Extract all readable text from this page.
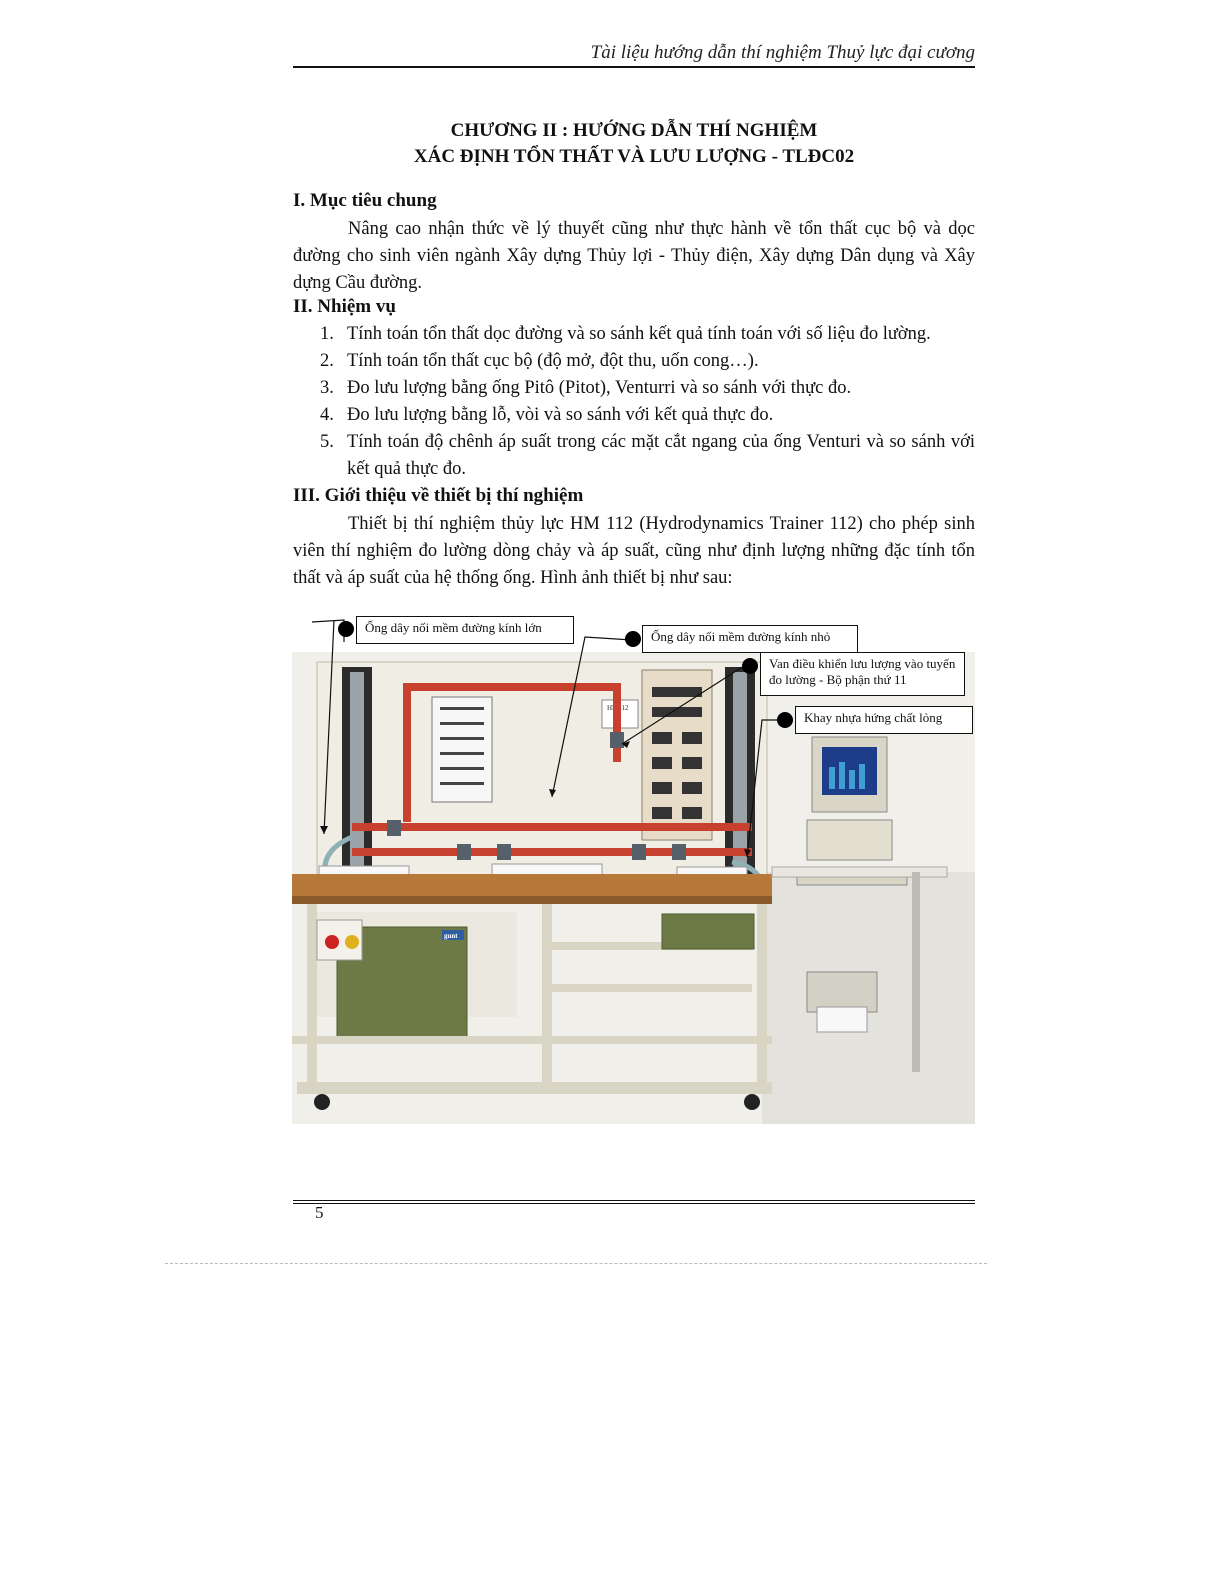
Tài liệu hướng dẫn thí nghiệm Thuỷ lực đại cương
CHƯƠNG II : HƯỚNG DẪN THÍ NGHIỆM
XÁC ĐỊNH TỔN THẤT VÀ LƯU LƯỢNG - TLĐC02
I. Mục tiêu chung

Nâng cao nhận thức về lý thuyết cũng như thực hành về tổn thất cục bộ và dọc đường cho sinh viên ngành Xây dựng Thủy lợi - Thủy điện, Xây dựng Dân dụng và Xây dựng Cầu đường.

II. Nhiệm vụ
1. Tính toán tổn thất dọc đường và so sánh kết quả tính toán với số liệu đo lường.
2. Tính toán tổn thất cục bộ (độ mở, đột thu, uốn cong…).
3. Đo lưu lượng bằng ống Pitô (Pitot), Venturri và so sánh với thực đo.
4. Đo lưu lượng bằng lỗ, vòi và so sánh với kết quả thực đo.
5. Tính toán độ chênh áp suất trong các mặt cắt ngang của ống Venturi và so sánh với kết quả thực đo.
III. Giới thiệu về thiết bị thí nghiệm

Thiết bị thí nghiệm thủy lực HM 112 (Hydrodynamics Trainer 112) cho phép sinh viên thí nghiệm đo lường dòng chảy và áp suất, cũng như định lượng những đặc tính tổn thất và áp suất của hệ thống ống. Hình ảnh thiết bị như sau:

HM112
gunt
Ống dây nối mềm đường kính lớn
Ống dây nối mềm đường kính nhỏ
Van điều khiển lưu lượng vào tuyến đo lường - Bộ phận thứ 11
Khay nhựa hứng chất lỏng
5
